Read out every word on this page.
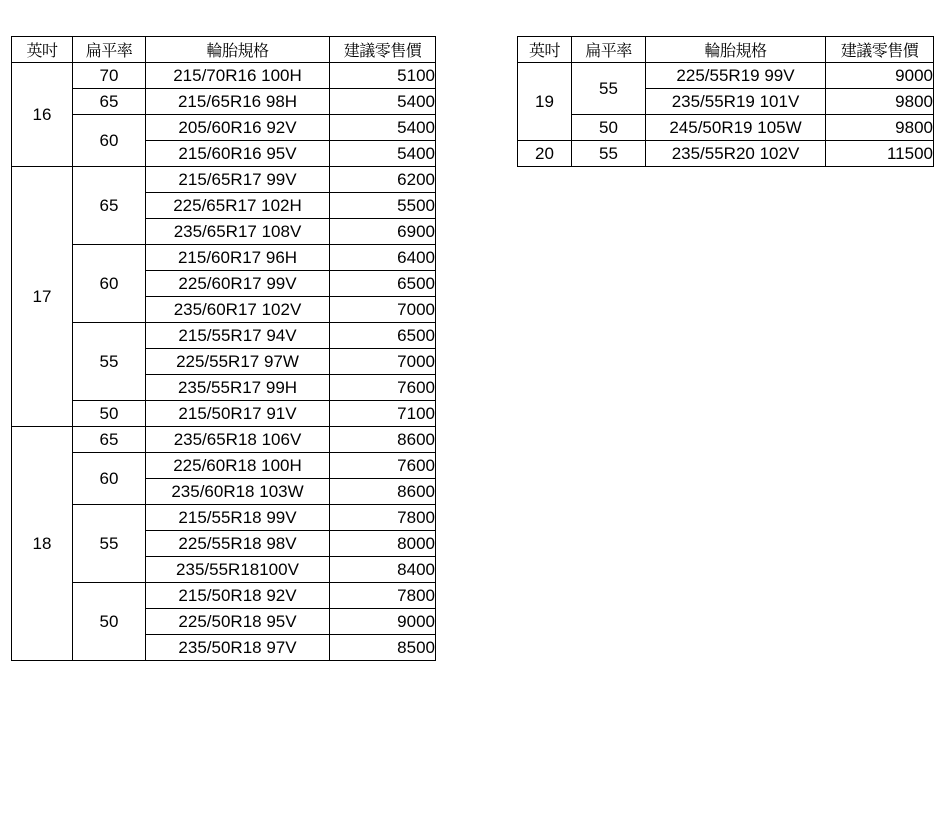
英吋	扁平率	輪胎規格	建議零售價
16	70	215/70R16 100H	5100
	65	215/65R16 98H	5400
	60	205/60R16 92V	5400
		215/60R16 95V	5400
17	65	215/65R17 99V	6200
		225/65R17 102H	5500
		235/65R17 108V	6900
	60	215/60R17 96H	6400
		225/60R17 99V	6500
		235/60R17 102V	7000
	55	215/55R17 94V	6500
		225/55R17 97W	7000
		235/55R17 99H	7600
	50	215/50R17 91V	7100
18	65	235/65R18 106V	8600
	60	225/60R18 100H	7600
		235/60R18 103W	8600
	55	215/55R18 99V	7800
		225/55R18 98V	8000
		235/55R18100V	8400
	50	215/50R18 92V	7800
		225/50R18 95V	9000
		235/50R18 97V	8500
英吋	扁平率	輪胎規格	建議零售價
19	55	225/55R19 99V	9000
		235/55R19 101V	9800
	50	245/50R19 105W	9800
20	55	235/55R20 102V	11500
